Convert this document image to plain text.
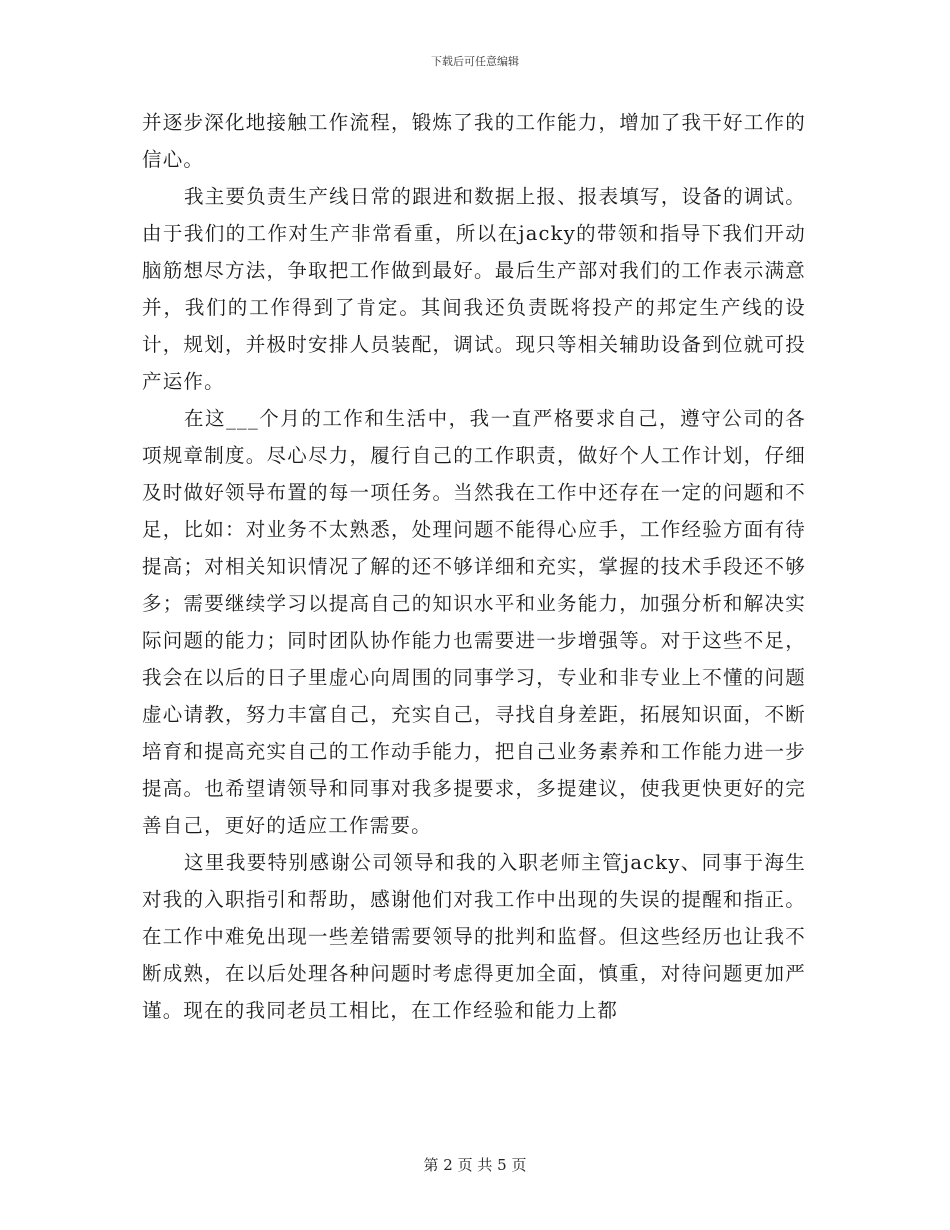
下载后可任意编辑

并逐步深化地接触工作流程，锻炼了我的工作能力，增加了我干好工作的信心。

我主要负责生产线日常的跟进和数据上报、报表填写，设备的调试。由于我们的工作对生产非常看重，所以在jacky的带领和指导下我们开动脑筋想尽方法，争取把工作做到最好。最后生产部对我们的工作表示满意并，我们的工作得到了肯定。其间我还负责既将投产的邦定生产线的设计，规划，并极时安排人员装配，调试。现只等相关辅助设备到位就可投产运作。

在这___个月的工作和生活中，我一直严格要求自己，遵守公司的各项规章制度。尽心尽力，履行自己的工作职责，做好个人工作计划，仔细及时做好领导布置的每一项任务。当然我在工作中还存在一定的问题和不足，比如：对业务不太熟悉，处理问题不能得心应手，工作经验方面有待提高；对相关知识情况了解的还不够详细和充实，掌握的技术手段还不够多；需要继续学习以提高自己的知识水平和业务能力，加强分析和解决实际问题的能力；同时团队协作能力也需要进一步增强等。对于这些不足，我会在以后的日子里虚心向周围的同事学习，专业和非专业上不懂的问题虚心请教，努力丰富自己，充实自己，寻找自身差距，拓展知识面，不断培育和提高充实自己的工作动手能力，把自己业务素养和工作能力进一步提高。也希望请领导和同事对我多提要求，多提建议，使我更快更好的完善自己，更好的适应工作需要。

这里我要特别感谢公司领导和我的入职老师主管jacky、同事于海生对我的入职指引和帮助，感谢他们对我工作中出现的失误的提醒和指正。在工作中难免出现一些差错需要领导的批判和监督。但这些经历也让我不断成熟，在以后处理各种问题时考虑得更加全面，慎重，对待问题更加严谨。现在的我同老员工相比，在工作经验和能力上都

第 2 页 共 5 页
